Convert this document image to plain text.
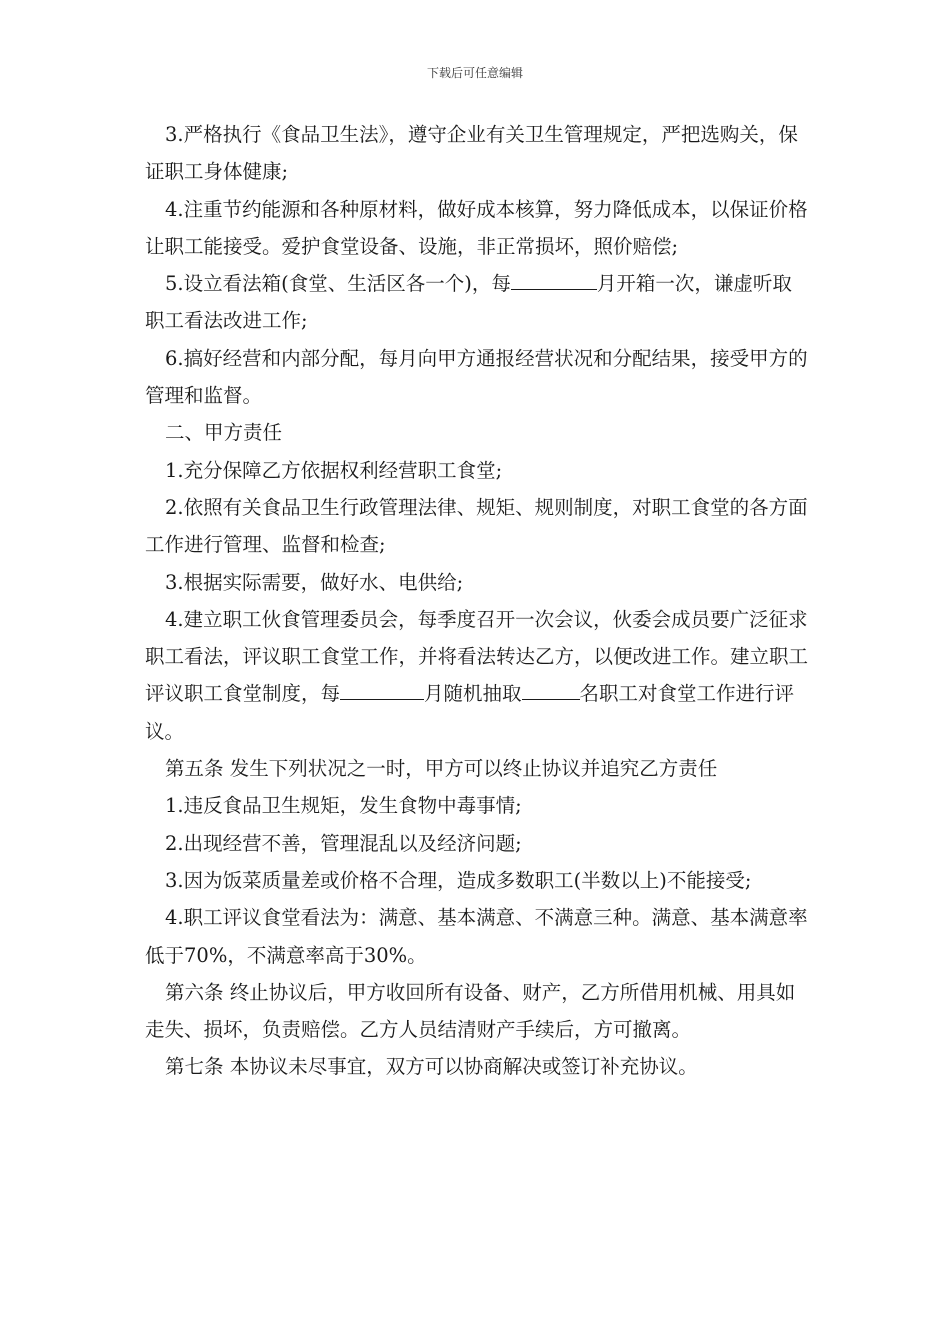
下载后可任意编辑

3.严格执行《食品卫生法》，遵守企业有关卫生管理规定，严把选购关，保证职工身体健康;

4.注重节约能源和各种原材料，做好成本核算，努力降低成本，以保证价格让职工能接受。爱护食堂设备、设施，非正常损坏，照价赔偿;

5.设立看法箱(食堂、生活区各一个)，每	月开箱一次，谦虚听取职工看法改进工作;

6.搞好经营和内部分配，每月向甲方通报经营状况和分配结果，接受甲方的管理和监督。

二、甲方责任

1.充分保障乙方依据权利经营职工食堂;

2.依照有关食品卫生行政管理法律、规矩、规则制度，对职工食堂的各方面工作进行管理、监督和检查;

3.根据实际需要，做好水、电供给;

4.建立职工伙食管理委员会，每季度召开一次会议，伙委会成员要广泛征求职工看法，评议职工食堂工作，并将看法转达乙方，以便改进工作。建立职工评议职工食堂制度，每	月随机抽取	名职工对食堂工作进行评议。

第五条 发生下列状况之一时，甲方可以终止协议并追究乙方责任

1.违反食品卫生规矩，发生食物中毒事情;

2.出现经营不善，管理混乱以及经济问题;

3.因为饭菜质量差或价格不合理，造成多数职工(半数以上)不能接受;

4.职工评议食堂看法为：满意、基本满意、不满意三种。满意、基本满意率低于70%，不满意率高于30%。

第六条 终止协议后，甲方收回所有设备、财产，乙方所借用机械、用具如走失、损坏，负责赔偿。乙方人员结清财产手续后，方可撤离。

第七条 本协议未尽事宜，双方可以协商解决或签订补充协议。
